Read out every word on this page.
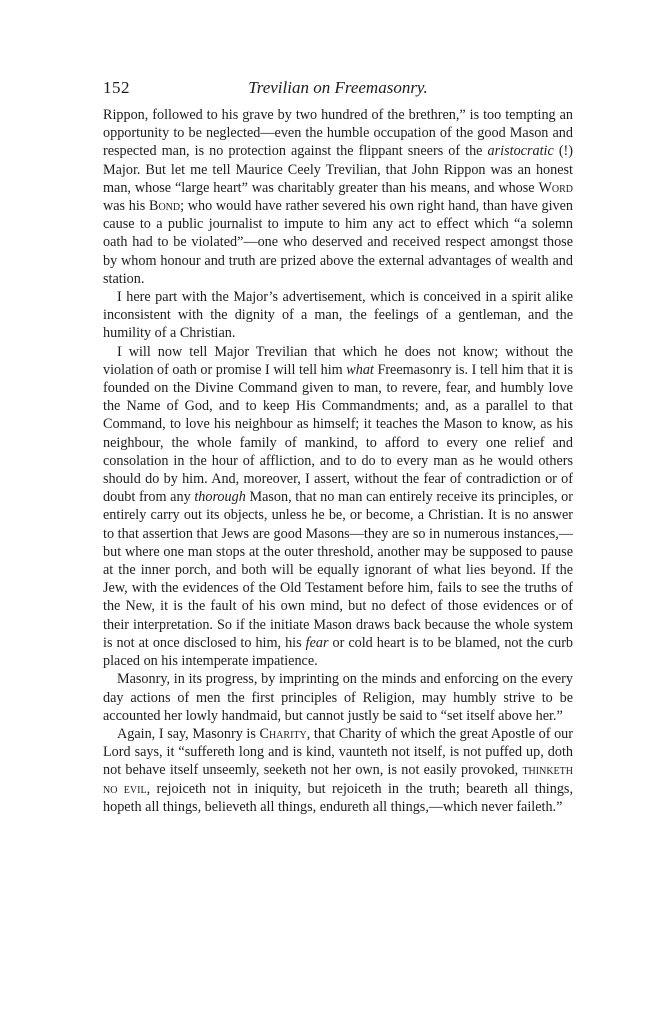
152	Trevilian on Freemasonry.

Rippon, followed to his grave by two hundred of the brethren,” is too tempting an opportunity to be neglected—even the humble occupation of the good Mason and respected man, is no protection against the flippant sneers of the aristocratic (!) Major. But let me tell Maurice Ceely Trevilian, that John Rippon was an honest man, whose “large heart” was charitably greater than his means, and whose Word was his Bond; who would have rather severed his own right hand, than have given cause to a public journalist to impute to him any act to effect which “a solemn oath had to be violated”—one who deserved and received respect amongst those by whom honour and truth are prized above the external advantages of wealth and station.

I here part with the Major’s advertisement, which is conceived in a spirit alike inconsistent with the dignity of a man, the feelings of a gentleman, and the humility of a Christian.

I will now tell Major Trevilian that which he does not know; without the violation of oath or promise I will tell him what Freemasonry is. I tell him that it is founded on the Divine Command given to man, to revere, fear, and humbly love the Name of God, and to keep His Commandments; and, as a parallel to that Command, to love his neighbour as himself; it teaches the Mason to know, as his neighbour, the whole family of mankind, to afford to every one relief and consolation in the hour of affliction, and to do to every man as he would others should do by him. And, moreover, I assert, without the fear of contradiction or of doubt from any thorough Mason, that no man can entirely receive its principles, or entirely carry out its objects, unless he be, or become, a Christian. It is no answer to that assertion that Jews are good Masons—they are so in numerous instances,—but where one man stops at the outer threshold, another may be supposed to pause at the inner porch, and both will be equally ignorant of what lies beyond. If the Jew, with the evidences of the Old Testament before him, fails to see the truths of the New, it is the fault of his own mind, but no defect of those evidences or of their interpretation. So if the initiate Mason draws back because the whole system is not at once disclosed to him, his fear or cold heart is to be blamed, not the curb placed on his intemperate impatience.

Masonry, in its progress, by imprinting on the minds and enforcing on the every day actions of men the first principles of Religion, may humbly strive to be accounted her lowly handmaid, but cannot justly be said to “set itself above her.”

Again, I say, Masonry is Charity, that Charity of which the great Apostle of our Lord says, it “suffereth long and is kind, vaunteth not itself, is not puffed up, doth not behave itself unseemly, seeketh not her own, is not easily provoked, thinketh no evil, rejoiceth not in iniquity, but rejoiceth in the truth; beareth all things, hopeth all things, believeth all things, endureth all things,—which never faileth.”
